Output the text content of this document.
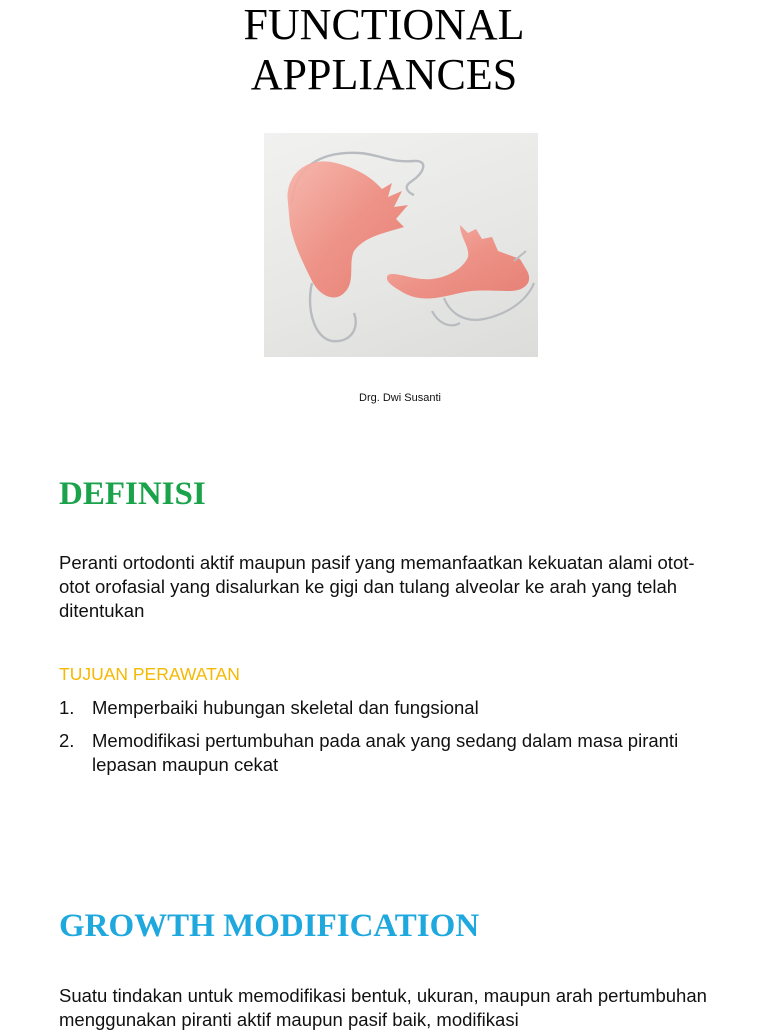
FUNCTIONAL
APPLIANCES
Drg. Dwi Susanti
DEFINISI
Peranti ortodonti aktif maupun pasif yang memanfaatkan kekuatan alami otot-otot orofasial yang disalurkan ke gigi dan tulang alveolar ke arah yang telah ditentukan
TUJUAN PERAWATAN
1. Memperbaiki hubungan skeletal dan fungsional
2. Memodifikasi pertumbuhan pada anak yang sedang dalam masa piranti lepasan maupun cekat
GROWTH MODIFICATION
Suatu tindakan untuk memodifikasi bentuk, ukuran, maupun arah pertumbuhan menggunakan piranti aktif maupun pasif baik, modifikasi
